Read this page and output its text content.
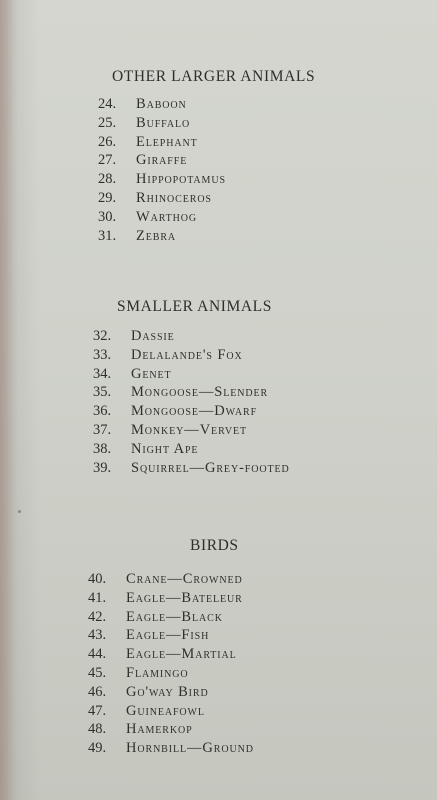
OTHER LARGER ANIMALS
24. Baboon
25. Buffalo
26. Elephant
27. Giraffe
28. Hippopotamus
29. Rhinoceros
30. Warthog
31. Zebra
SMALLER ANIMALS
32. Dassie
33. Delalande's Fox
34. Genet
35. Mongoose—Slender
36. Mongoose—Dwarf
37. Monkey—Vervet
38. Night Ape
39. Squirrel—Grey-footed
BIRDS
40. Crane—Crowned
41. Eagle—Bateleur
42. Eagle—Black
43. Eagle—Fish
44. Eagle—Martial
45. Flamingo
46. Go'way Bird
47. Guineafowl
48. Hamerkop
49. Hornbill—Ground
